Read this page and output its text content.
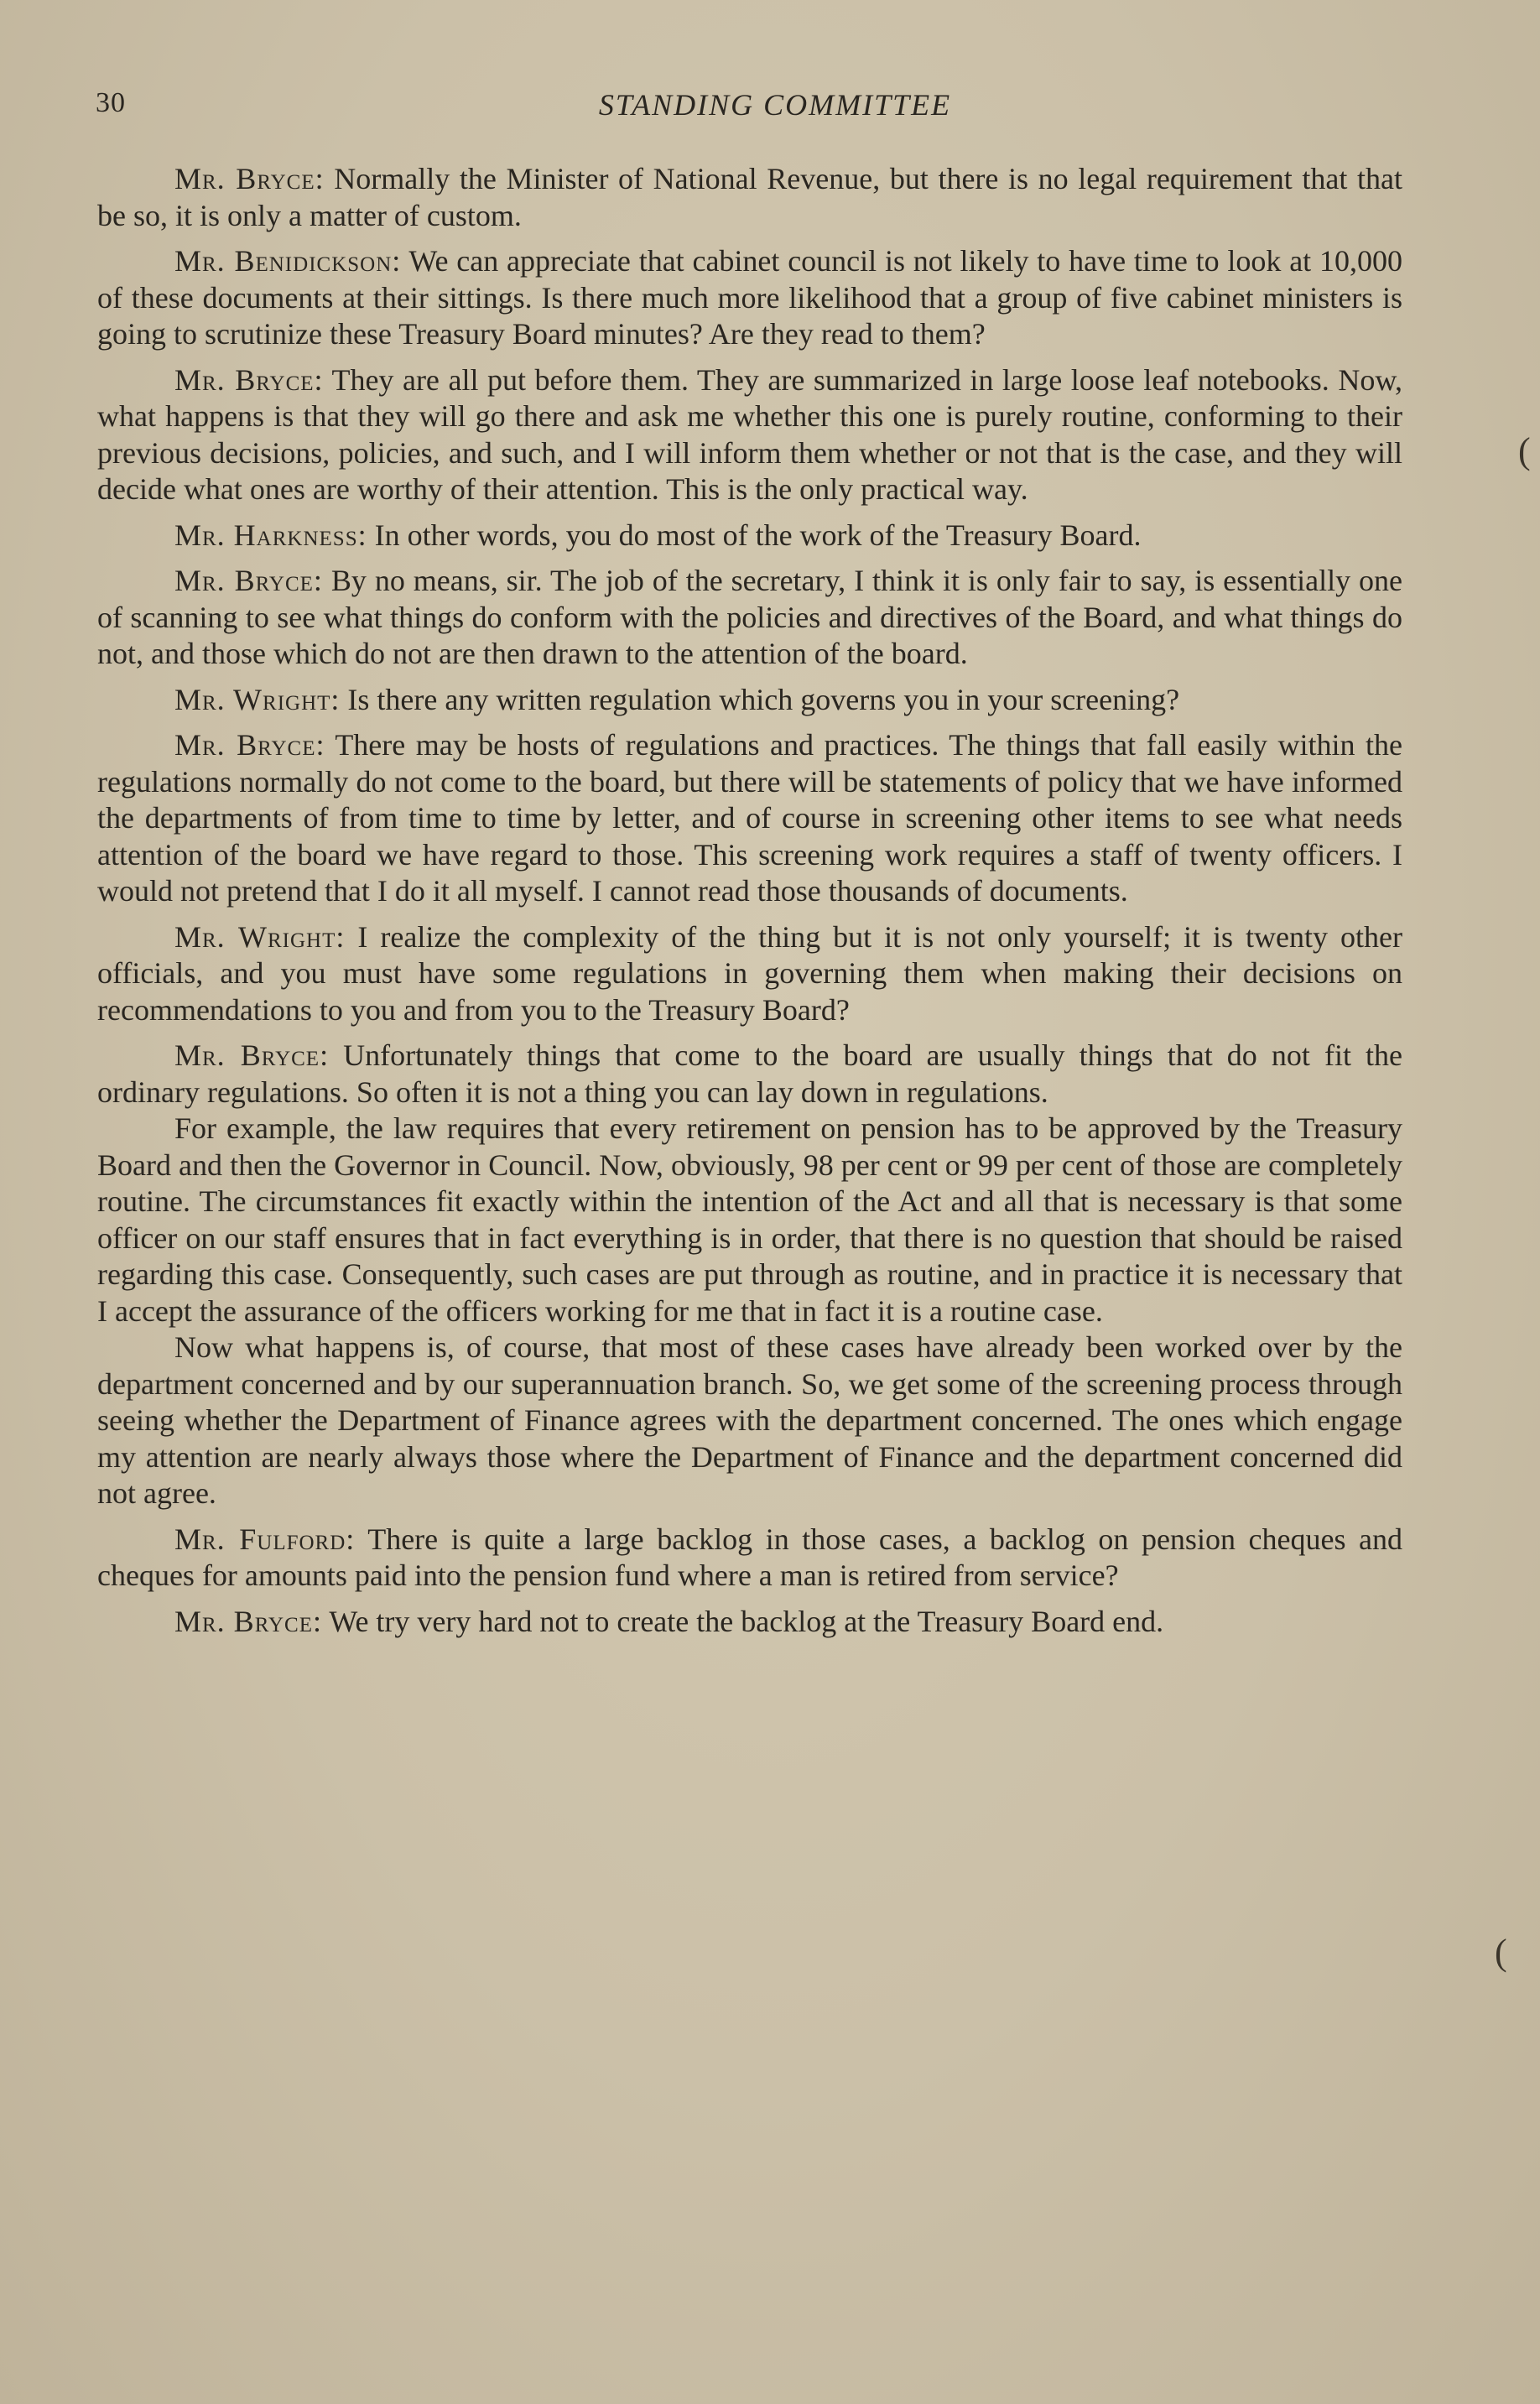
30	STANDING COMMITTEE

Mr. Bryce: Normally the Minister of National Revenue, but there is no legal requirement that that be so, it is only a matter of custom.

Mr. Benidickson: We can appreciate that cabinet council is not likely to have time to look at 10,000 of these documents at their sittings. Is there much more likelihood that a group of five cabinet ministers is going to scrutinize these Treasury Board minutes? Are they read to them?

Mr. Bryce: They are all put before them. They are summarized in large loose leaf notebooks. Now, what happens is that they will go there and ask me whether this one is purely routine, conforming to their previous decisions, policies, and such, and I will inform them whether or not that is the case, and they will decide what ones are worthy of their attention. This is the only practical way.

Mr. Harkness: In other words, you do most of the work of the Treasury Board.

Mr. Bryce: By no means, sir. The job of the secretary, I think it is only fair to say, is essentially one of scanning to see what things do conform with the policies and directives of the Board, and what things do not, and those which do not are then drawn to the attention of the board.

Mr. Wright: Is there any written regulation which governs you in your screening?

Mr. Bryce: There may be hosts of regulations and practices. The things that fall easily within the regulations normally do not come to the board, but there will be statements of policy that we have informed the departments of from time to time by letter, and of course in screening other items to see what needs attention of the board we have regard to those. This screening work requires a staff of twenty officers. I would not pretend that I do it all myself. I cannot read those thousands of documents.

Mr. Wright: I realize the complexity of the thing but it is not only yourself; it is twenty other officials, and you must have some regulations in governing them when making their decisions on recommendations to you and from you to the Treasury Board?

Mr. Bryce: Unfortunately things that come to the board are usually things that do not fit the ordinary regulations. So often it is not a thing you can lay down in regulations.

For example, the law requires that every retirement on pension has to be approved by the Treasury Board and then the Governor in Council. Now, obviously, 98 per cent or 99 per cent of those are completely routine. The circumstances fit exactly within the intention of the Act and all that is necessary is that some officer on our staff ensures that in fact everything is in order, that there is no question that should be raised regarding this case. Consequently, such cases are put through as routine, and in practice it is necessary that I accept the assurance of the officers working for me that in fact it is a routine case.

Now what happens is, of course, that most of these cases have already been worked over by the department concerned and by our superannuation branch. So, we get some of the screening process through seeing whether the Department of Finance agrees with the department concerned. The ones which engage my attention are nearly always those where the Department of Finance and the department concerned did not agree.

Mr. Fulford: There is quite a large backlog in those cases, a backlog on pension cheques and cheques for amounts paid into the pension fund where a man is retired from service?

Mr. Bryce: We try very hard not to create the backlog at the Treasury Board end.

(
(
